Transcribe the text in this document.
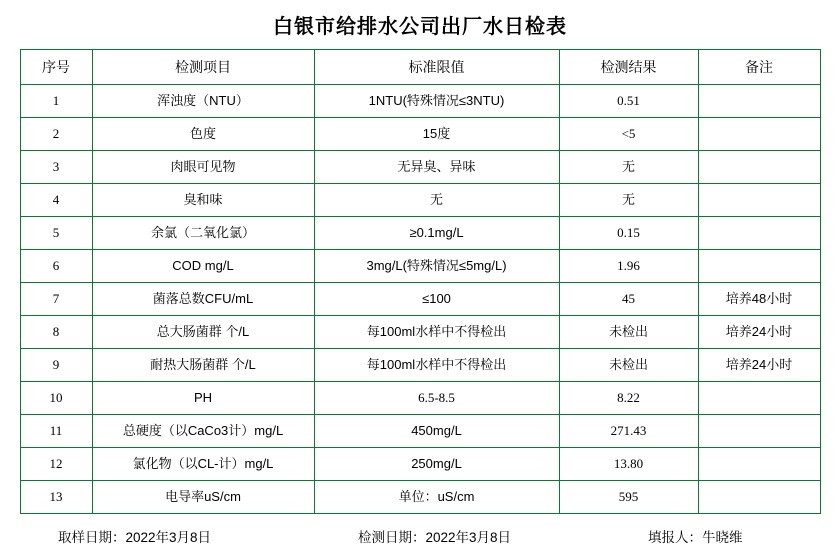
白银市给排水公司出厂水日检表
序号	检测项目	标准限值	检测结果	备注
1	浑浊度（NTU）	1NTU(特殊情况≤3NTU)	0.51	
2	色度	15度	<5	
3	肉眼可见物	无异臭、异味	无	
4	臭和味	无	无	
5	余氯（二氧化氯）	≥0.1mg/L	0.15	
6	COD mg/L	3mg/L(特殊情况≤5mg/L)	1.96	
7	菌落总数CFU/mL	≤100	45	培养48小时
8	总大肠菌群 个/L	每100ml水样中不得检出	未检出	培养24小时
9	耐热大肠菌群 个/L	每100ml水样中不得检出	未检出	培养24小时
10	PH	6.5-8.5	8.22	
11	总硬度（以CaCo3计）mg/L	450mg/L	271.43	
12	氯化物（以CL-计）mg/L	250mg/L	13.80	
13	电导率uS/cm	单位：uS/cm	595	
取样日期：2022年3月8日	检测日期：2022年3月8日	填报人：牛晓维
